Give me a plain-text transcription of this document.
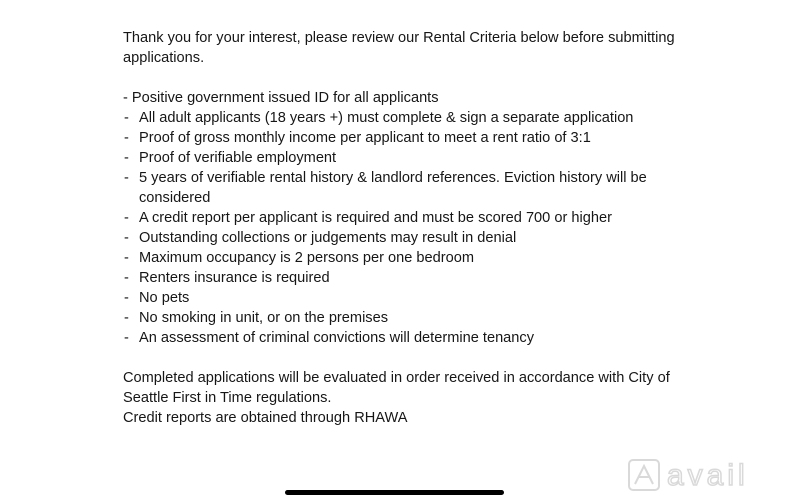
Thank you for your interest, please review our Rental Criteria below before submitting applications.

- Positive government issued ID for all applicants

- All adult applicants (18 years +) must complete & sign a separate application
- Proof of gross monthly income per applicant to meet a rent ratio of 3:1
- Proof of verifiable employment
- 5 years of verifiable rental history & landlord references. Eviction history will be considered
- A credit report per applicant is required and must be scored 700 or higher
- Outstanding collections or judgements may result in denial
- Maximum occupancy is 2 persons per one bedroom
- Renters insurance is required
- No pets
- No smoking in unit, or on the premises
- An assessment of criminal convictions will determine tenancy

Completed applications will be evaluated in order received in accordance with City of Seattle First in Time regulations.

Credit reports are obtained through RHAWA

avail
